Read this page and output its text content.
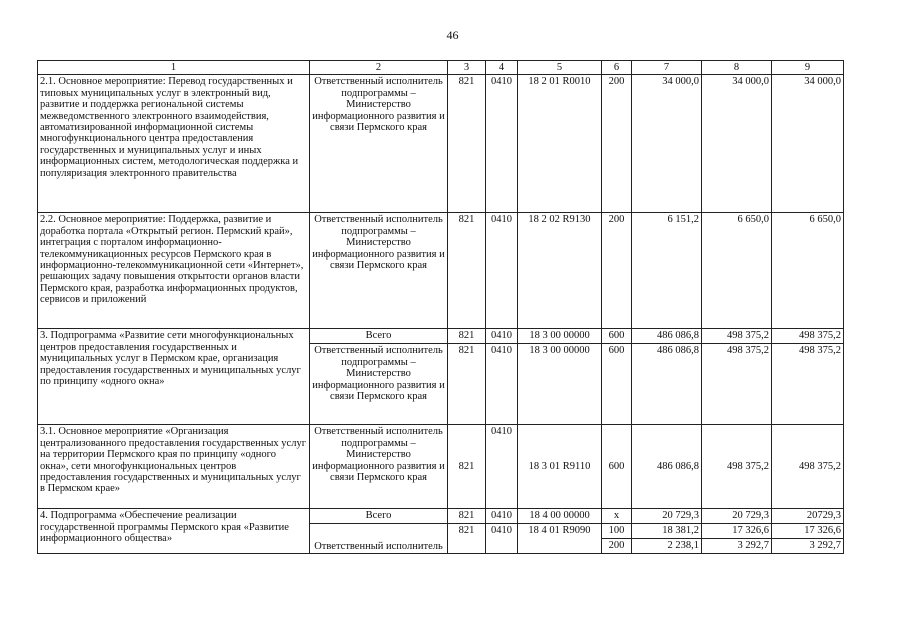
46
1	2	3	4	5	6	7	8	9
2.1. Основное мероприятие: Перевод государственных и типовых муниципальных услуг в электронный вид, развитие и поддержка региональной системы межведомственного электронного взаимодействия, автоматизированной информационной системы многофункционального центра предоставления государственных и муниципальных услуг и иных информационных систем, методологическая поддержка и популяризация электронного правительства	Ответственный исполнитель подпрограммы – Министерство информационного развития и связи Пермского края	821	0410	18 2 01 R0010	200	34 000,0	34 000,0	34 000,0
2.2. Основное мероприятие: Поддержка, развитие и доработка портала «Открытый регион. Пермский край», интеграция с порталом информационно-телекоммуникационных ресурсов Пермского края в информационно-телекоммуникационной сети «Интернет», решающих задачу повышения открытости органов власти Пермского края, разработка информационных продуктов, сервисов и приложений	Ответственный исполнитель подпрограммы – Министерство информационного развития и связи Пермского края	821	0410	18 2 02 R9130	200	6 151,2	6 650,0	6 650,0
3. Подпрограмма «Развитие сети многофункциональных центров предоставления государственных и муниципальных услуг в Пермском крае, организация предоставления государственных и муниципальных услуг по принципу «одного окна»	Всего	821	0410	18 3 00 00000	600	486 086,8	498 375,2	498 375,2
	Ответственный исполнитель подпрограммы – Министерство информационного развития и связи Пермского края	821	0410	18 3 00 00000	600	486 086,8	498 375,2	498 375,2
3.1. Основное мероприятие «Организация централизованного предоставления государственных услуг на территории Пермского края по принципу «одного окна», сети многофункциональных центров предоставления государственных и муниципальных услуг в Пермском крае»	Ответственный исполнитель подпрограммы – Министерство информационного развития и связи Пермского края	821	0410	18 3 01 R9110	600	486 086,8	498 375,2	498 375,2
4. Подпрограмма «Обеспечение реализации государственной программы Пермского края «Развитие информационного общества»	Всего	821	0410	18 4 00 00000	x	20 729,3	20 729,3	20729,3
	Ответственный исполнитель	821	0410	18 4 01 R9090	100	18 381,2	17 326,6	17 326,6
					200	2 238,1	3 292,7	3 292,7
